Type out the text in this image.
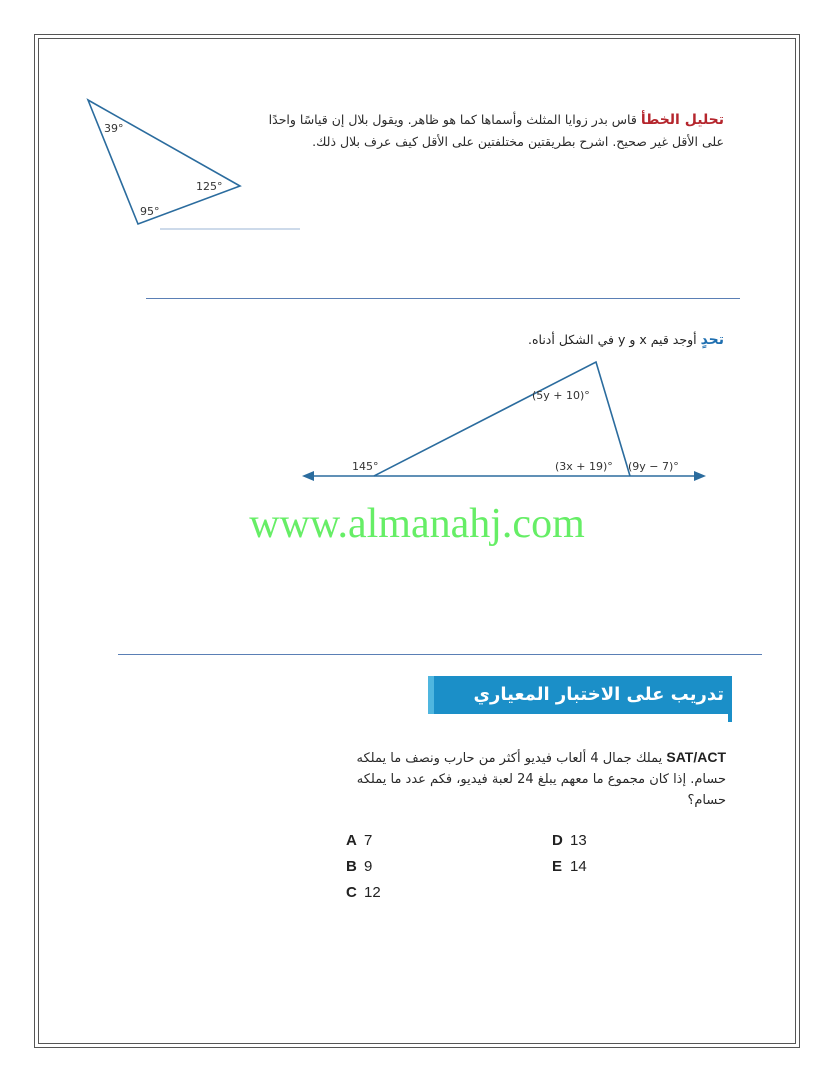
39°
125°
95°
145°
(5y + 10)°
(3x + 19)° (9y − 7)°
تحليل الخطأ قاس بدر زوايا المثلث وأسماها كما هو ظاهر. ويقول بلال إن قياسًا واحدًا على الأقل غير صحيح. اشرح بطريقتين مختلفتين على الأقل كيف عرف بلال ذلك.
تحدٍ أوجد قيم x و y في الشكل أدناه.
www.almanahj.com
تدريب على الاختبار المعياري
SAT/ACT يملك جمال 4 ألعاب فيديو أكثر من حارب ونصف ما يملكه حسام. إذا كان مجموع ما معهم يبلغ 24 لعبة فيديو، فكم عدد ما يملكه حسام؟
A 7
B 9
C 12
D 13
E 14
